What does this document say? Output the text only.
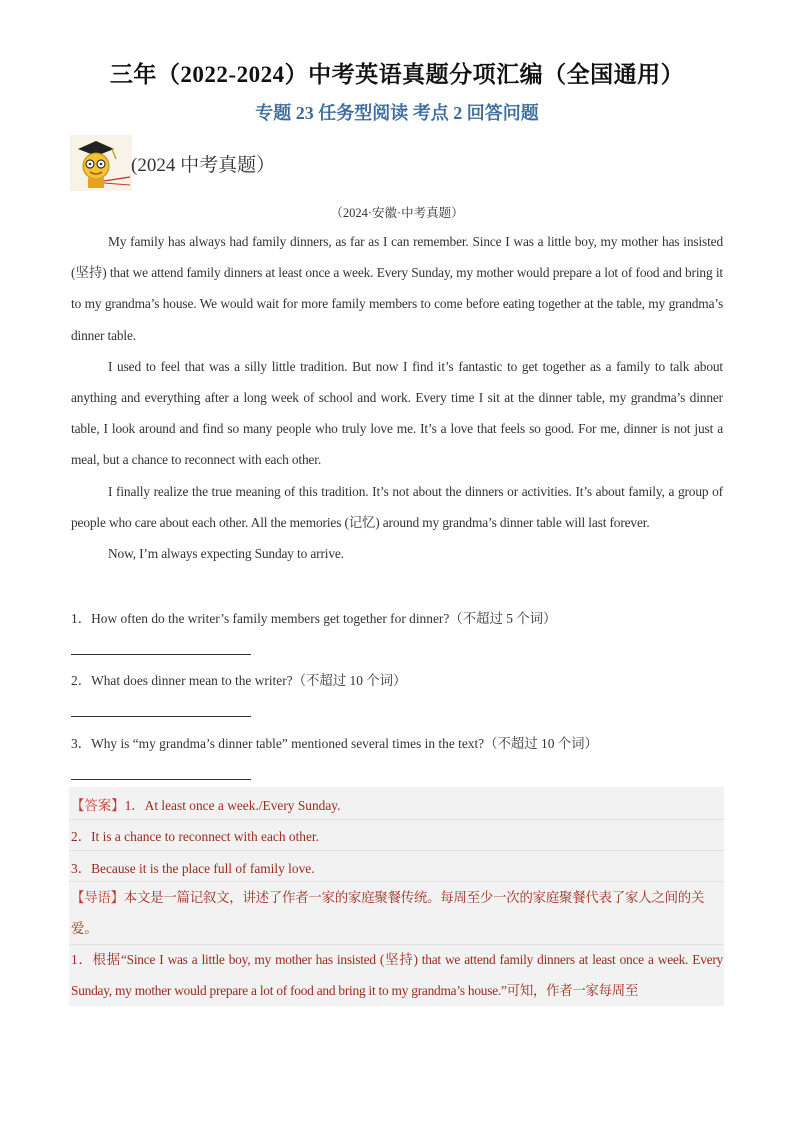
三年（2022-2024）中考英语真题分项汇编（全国通用）
专题 23 任务型阅读 考点 2 回答问题
(2024 中考真题）
（2024·安徽·中考真题）

My family has always had family dinners, as far as I can remember. Since I was a little boy, my mother has insisted (坚持) that we attend family dinners at least once a week. Every Sunday, my mother would prepare a lot of food and bring it to my grandma’s house. We would wait for more family members to come before eating together at the table, my grandma’s dinner table.

I used to feel that was a silly little tradition. But now I find it’s fantastic to get together as a family to talk about anything and everything after a long week of school and work. Every time I sit at the dinner table, my grandma’s dinner table, I look around and find so many people who truly love me. It’s a love that feels so good. For me, dinner is not just a meal, but a chance to reconnect with each other.

I finally realize the true meaning of this tradition. It’s not about the dinners or activities. It’s about family, a group of people who care about each other. All the memories (记忆) around my grandma’s dinner table will last forever.

Now, I’m always expecting Sunday to arrive.

1．How often do the writer’s family members get together for dinner?（不超过 5 个词）
2．What does dinner mean to the writer?（不超过 10 个词）
3．Why is “my grandma’s dinner table” mentioned several times in the text?（不超过 10 个词）
【答案】1．At least once a week./Every Sunday.
2．It is a chance to reconnect with each other.
3．Because it is the place full of family love.
【导语】本文是一篇记叙文，讲述了作者一家的家庭聚餐传统。每周至少一次的家庭聚餐代表了家人之间的关爱。
1．根据“Since I was a little boy, my mother has insisted (坚持) that we attend family dinners at least once a week. Every Sunday, my mother would prepare a lot of food and bring it to my grandma’s house.”可知，作者一家每周至
